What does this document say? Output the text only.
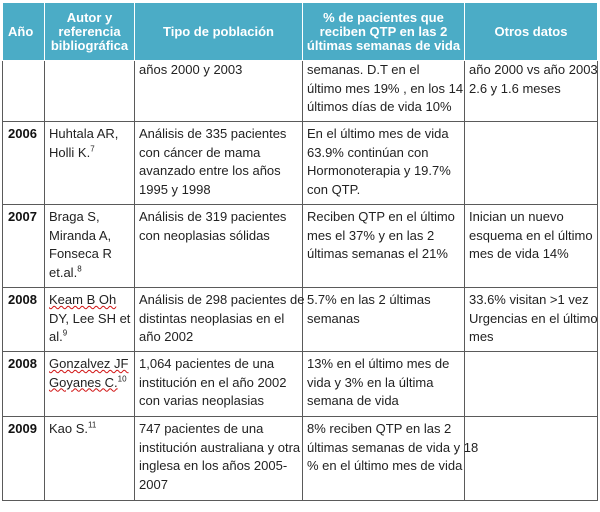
Año	Autor y
referencia
bibliográfica	Tipo de población	% de pacientes que
reciben QTP en las 2
últimas semanas de vida	Otros datos

		años 2000 y 2003	semanas. D.T en el
último mes 19% , en los 14
últimos días de vida 10%	año 2000 vs año 2003
2.6 y 1.6 meses

2006	Huhtala AR,
Holli K.$^7$	Análisis de 335 pacientes
con cáncer de mama
avanzado entre los años
1995 y 1998	En el último mes de vida
63.9% continúan con
Hormonoterapia y 19.7%
con QTP.	

2007	Braga S,
Miranda A,
Fonseca R
et.al.$^8$	Análisis de 319 pacientes
con neoplasias sólidas	Reciben QTP en el último
mes el 37% y en las 2
últimas semanas el 21%	Inician un nuevo
esquema en el último
mes de vida 14%

2008	Keam B Oh
DY, Lee SH et
al.$^9$	Análisis de 298 pacientes de
distintas neoplasias en el
año 2002	5.7% en las 2 últimas
semanas	33.6% visitan >1 vez
Urgencias en el último
mes

2008	Gonzalvez JF
Goyanes C.$^{10}$	1,064 pacientes de una
institución en el año 2002
con varias neoplasias	13% en el último mes de
vida y 3% en la última
semana de vida	

2009	Kao S.$^{11}$	747 pacientes de una
institución australiana y otra
inglesa en los años 2005-
2007	8% reciben QTP en las 2
últimas semanas de vida y 18
% en el último mes de vida	
